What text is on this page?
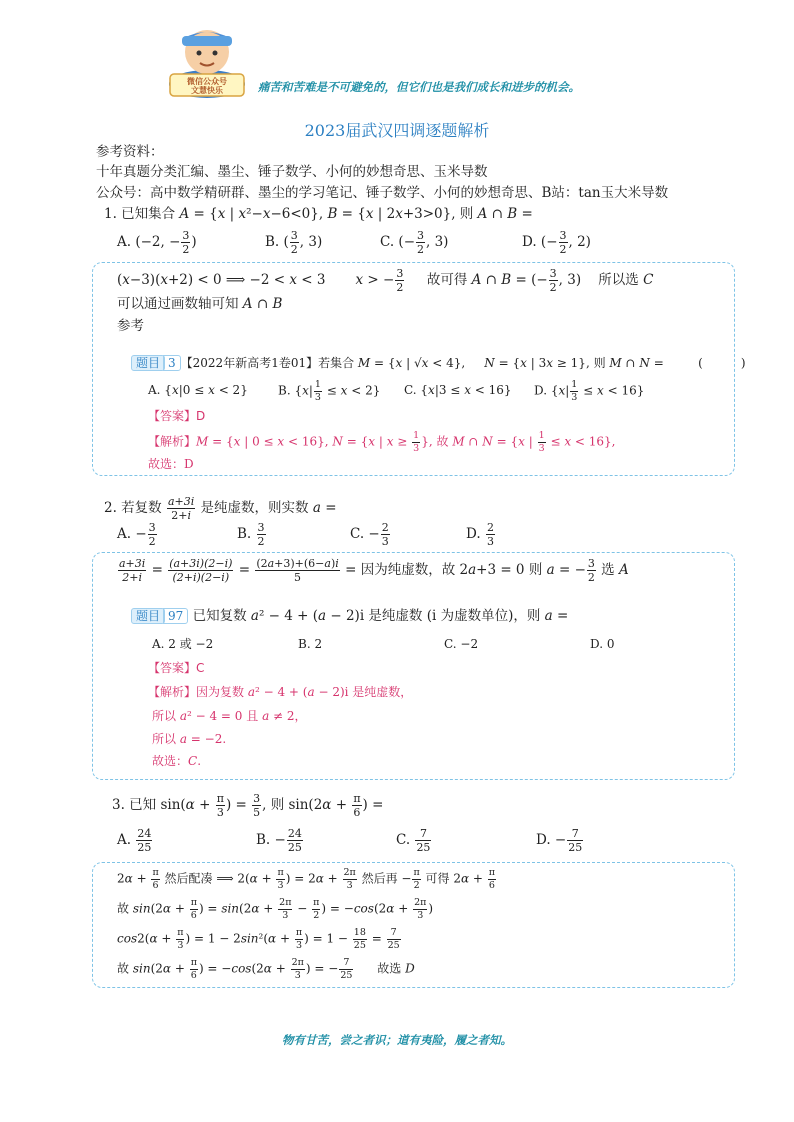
微信公众号
文慧快乐	痛苦和苦难是不可避免的，但它们也是我们成长和进步的机会。
2023届武汉四调逐题解析
参考资料：
十年真题分类汇编、墨尘、锤子数学、小何的妙想奇思、玉米导数
公众号：高中数学精研群、墨尘的学习笔记、锤子数学、小何的妙想奇思、B站：tan玉大米导数
1. 已知集合 A = {x | x²−x−6<0}, B = {x | 2x+3>0}, 则 A ∩ B =
A. (−2, − $\frac{3}{2}$ )	B. ( $\frac{3}{2}$ , 3)	C. (− $\frac{3}{2}$ , 3)	D. (− $\frac{3}{2}$ , 2)
(x−3)(x+2) < 0 ⟹ −2 < x < 3       x > − $\frac{3}{2}$ 故可得 A ∩ B = (− $\frac{3}{2}$ , 3)    所以选 C
可以通过画数轴可知 A ∩ B
参考
题目 3 【2022年新高考1卷01】若集合 M = {x | √x < 4},     N = {x | 3x ≥ 1}, 则 M ∩ N =         (          )
A. {x|0 ≤ x < 2}	B. $\{x| \frac{1}{3} \le x < 2\}$ C. {x|3 ≤ x < 16} D. $\{x| \frac{1}{3} \le x < 16\}$
【答案】D
【解析】M = {x | 0 ≤ x < 16}, N = {x | $x \ge \frac{1}{3}$ }, 故 M ∩ N = {x | $\frac{1}{3} \le x < 16$},
故选：D
2. 若复数 $\frac{a+3i}{2+i}$ 是纯虚数，则实数 a =
A. − $\frac{3}{2}$	B. $\frac{3}{2}$	C. − $\frac{2}{3}$	D. $\frac{2}{3}$
$\frac{a+3i}{2+i} = \frac{(a+3i)(2-i)}{(2+i)(2-i)} = \frac{(2a+3)+(6-a)i}{5}$ = 因为纯虚数，故 2a+3 = 0 则 a = − $\frac{3}{2}$ 选 A
题目 97 已知复数 a² − 4 + (a − 2)i 是纯虚数 (i 为虚数单位)，则 a =
A. 2 或 −2	B. 2	C. −2	D. 0
【答案】C
【解析】因为复数 a² − 4 + (a − 2)i 是纯虚数，
所以 a² − 4 = 0 且 a ≠ 2，
所以 a = −2.
故选：C.
3. 已知 $\sin(\alpha + \frac{\pi}{3}$ ) = $\frac{3}{5}$ , 则 $\sin(2\alpha + \frac{\pi}{6}$ ) =
A. $\frac{24}{25}$	B. − $\frac{24}{25}$	C. $\frac{7}{25}$	D. − $\frac{7}{25}$
$2\alpha + \frac{\pi}{6}$ 然后配凑 ⟹ $2(\alpha + \frac{\pi}{3}$ ) = $2\alpha + \frac{2\pi}{3}$ 然后再 − $\frac{\pi}{2}$ 可得 $2\alpha + \frac{\pi}{6}$
故 $\sin(2\alpha + \frac{\pi}{6}$ ) = $\sin(2\alpha + \frac{2\pi}{3} - \frac{\pi}{2}$ ) = $-\cos(2\alpha + \frac{2\pi}{3}$ )
$\cos 2(\alpha + \frac{\pi}{3}$ ) = $1 - 2\sin^2(\alpha + \frac{\pi}{3}$ ) = $1 - \frac{18}{25} = \frac{7}{25}$
故 $\sin(2\alpha + \frac{\pi}{6}$ ) = $-\cos(2\alpha + \frac{2\pi}{3}$ ) = − $\frac{7}{25}$ 故选 D
物有甘苦，尝之者识；道有夷险，履之者知。
